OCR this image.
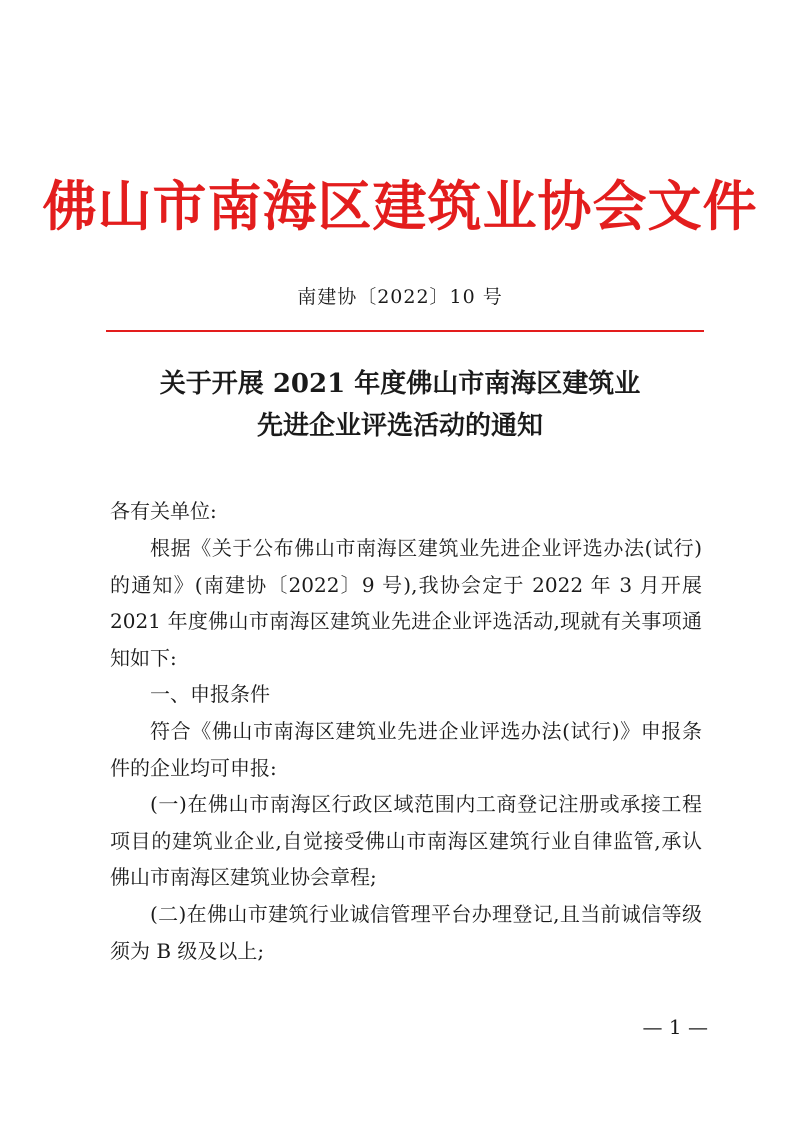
佛山市南海区建筑业协会文件
南建协〔2022〕10 号
关于开展 2021 年度佛山市南海区建筑业
先进企业评选活动的通知
各有关单位:
根据《关于公布佛山市南海区建筑业先进企业评选办法(试行)的通知》(南建协〔2022〕9 号),我协会定于 2022 年 3 月开展 2021 年度佛山市南海区建筑业先进企业评选活动,现就有关事项通知如下:
一、申报条件
符合《佛山市南海区建筑业先进企业评选办法(试行)》申报条件的企业均可申报:
(一)在佛山市南海区行政区域范围内工商登记注册或承接工程项目的建筑业企业,自觉接受佛山市南海区建筑行业自律监管,承认佛山市南海区建筑业协会章程;
(二)在佛山市建筑行业诚信管理平台办理登记,且当前诚信等级须为 B 级及以上;
— 1 —
